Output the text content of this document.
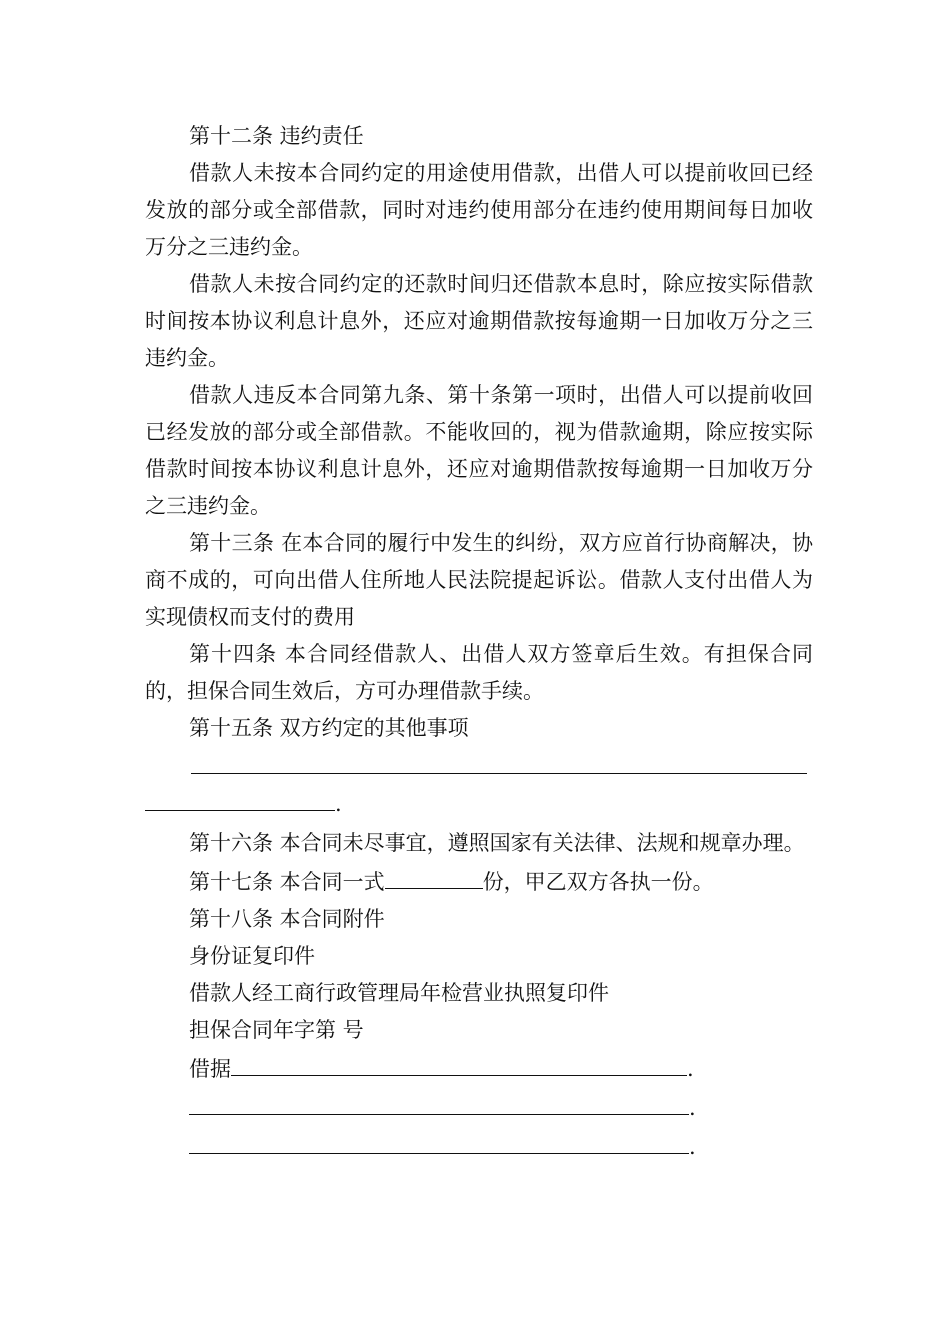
第十二条 违约责任

借款人未按本合同约定的用途使用借款，出借人可以提前收回已经发放的部分或全部借款，同时对违约使用部分在违约使用期间每日加收万分之三违约金。

借款人未按合同约定的还款时间归还借款本息时，除应按实际借款时间按本协议利息计息外，还应对逾期借款按每逾期一日加收万分之三违约金。

借款人违反本合同第九条、第十条第一项时，出借人可以提前收回已经发放的部分或全部借款。不能收回的，视为借款逾期，除应按实际借款时间按本协议利息计息外，还应对逾期借款按每逾期一日加收万分之三违约金。

第十三条 在本合同的履行中发生的纠纷，双方应首行协商解决，协商不成的，可向出借人住所地人民法院提起诉讼。借款人支付出借人为实现债权而支付的费用

第十四条 本合同经借款人、出借人双方签章后生效。有担保合同的，担保合同生效后，方可办理借款手续。

第十五条 双方约定的其他事项

.

第十六条 本合同未尽事宜，遵照国家有关法律、法规和规章办理。

第十七条 本合同一式	份，甲乙双方各执一份。

第十八条 本合同附件

身份证复印件

借款人经工商行政管理局年检营业执照复印件

担保合同年字第 号

借据	.

.

.
